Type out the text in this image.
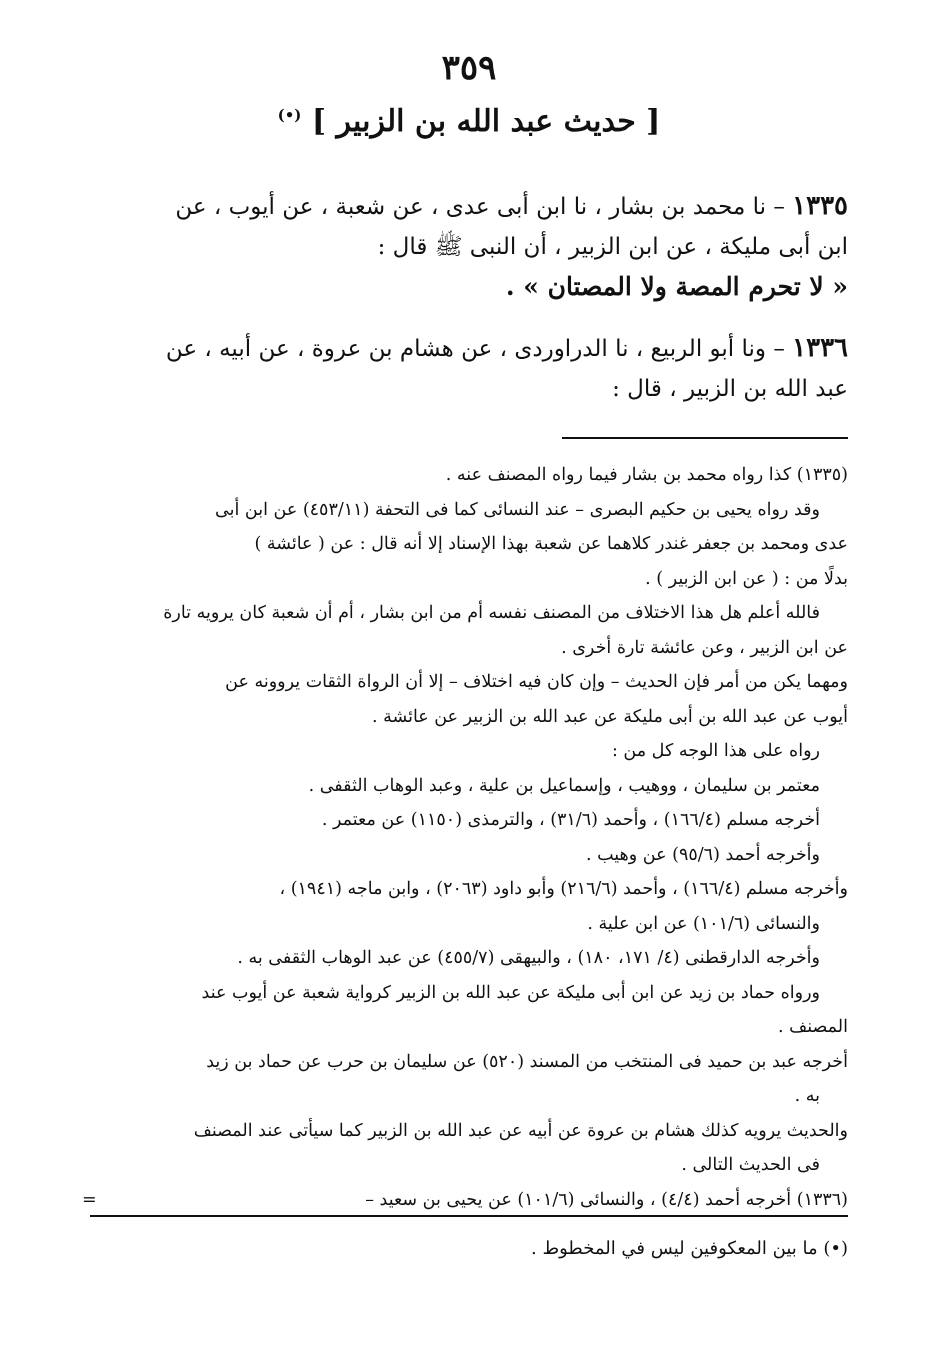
٣٥٩
[ حديث عبد الله بن الزبير ] (•)
١٣٣٥ – نا محمد بن بشار ، نا ابن أبى عدى ، عن شعبة ، عن أيوب ، عن
ابن أبى مليكة ، عن ابن الزبير ، أن النبى ﷺ قال :
« لا تحرم المصة ولا المصتان » .
١٣٣٦ – ونا أبو الربيع ، نا الدراوردى ، عن هشام بن عروة ، عن أبيه ، عن
عبد الله بن الزبير ، قال :
(١٣٣٥) كذا رواه محمد بن بشار فيما رواه المصنف عنه .
وقد رواه يحيى بن حكيم البصرى – عند النسائى كما فى التحفة (٤٥٣/١١) عن ابن أبى
عدى ومحمد بن جعفر غندر كلاهما عن شعبة بهذا الإسناد إلا أنه قال : عن ( عائشة )
بدلًا من : ( عن ابن الزبير ) .
فالله أعلم هل هذا الاختلاف من المصنف نفسه أم من ابن بشار ، أم أن شعبة كان يرويه تارة
عن ابن الزبير ، وعن عائشة تارة أخرى .
ومهما يكن من أمر فإن الحديث – وإن كان فيه اختلاف – إلا أن الرواة الثقات يروونه عن
أيوب عن عبد الله بن أبى مليكة عن عبد الله بن الزبير عن عائشة .
رواه على هذا الوجه كل من :
معتمر بن سليمان ، ووهيب ، وإسماعيل بن علية ، وعبد الوهاب الثقفى .
أخرجه مسلم (١٦٦/٤) ، وأحمد (٣١/٦) ، والترمذى (١١٥٠) عن معتمر .
وأخرجه أحمد (٩٥/٦) عن وهيب .
وأخرجه مسلم (١٦٦/٤) ، وأحمد (٢١٦/٦) وأبو داود (٢٠٦٣) ، وابن ماجه (١٩٤١) ،
والنسائى (١٠١/٦) عن ابن علية .
وأخرجه الدارقطنى (٤/ ١٧١، ١٨٠) ، والبيهقى (٤٥٥/٧) عن عبد الوهاب الثقفى به .
ورواه حماد بن زيد عن ابن أبى مليكة عن عبد الله بن الزبير كرواية شعبة عن أيوب عند
المصنف .
أخرجه عبد بن حميد فى المنتخب من المسند (٥٢٠) عن سليمان بن حرب عن حماد بن زيد
به .
والحديث يرويه كذلك هشام بن عروة عن أبيه عن عبد الله بن الزبير كما سيأتى عند المصنف
فى الحديث التالى .
(١٣٣٦) أخرجه أحمد (٤/٤) ، والنسائى (١٠١/٦) عن يحيى بن سعيد –
=
(•) ما بين المعكوفين ليس في المخطوط .
